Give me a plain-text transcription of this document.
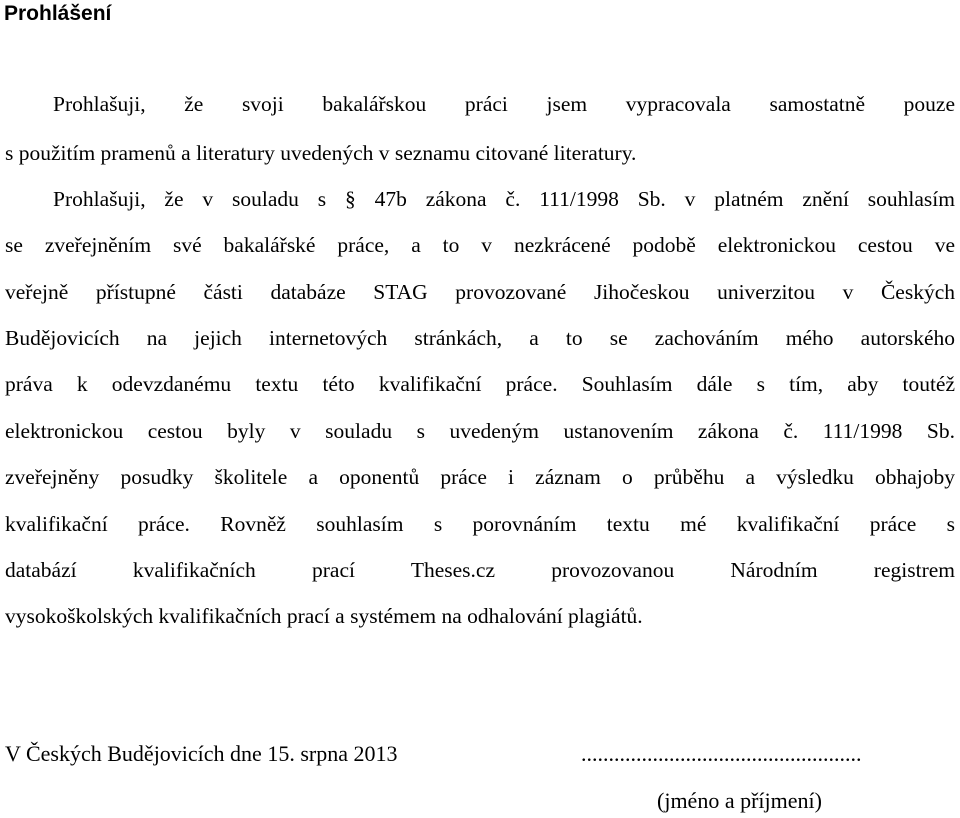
Prohlášení
Prohlašuji, že svoji bakalářskou práci jsem vypracovala samostatně pouze
s použitím pramenů a literatury uvedených v seznamu citované literatury.
Prohlašuji, že v souladu s § 47b zákona č. 111/1998 Sb. v platném znění souhlasím
se zveřejněním své bakalářské práce, a to v nezkrácené podobě elektronickou cestou ve
veřejně přístupné části databáze STAG provozované Jihočeskou univerzitou v Českých
Budějovicích na jejich internetových stránkách, a to se zachováním mého autorského
práva k odevzdanému textu této kvalifikační práce. Souhlasím dále s tím, aby toutéž
elektronickou cestou byly v souladu s uvedeným ustanovením zákona č. 111/1998 Sb.
zveřejněny posudky školitele a oponentů práce i záznam o průběhu a výsledku obhajoby
kvalifikační práce. Rovněž souhlasím s porovnáním textu mé kvalifikační práce s
databází kvalifikačních prací Theses.cz provozovanou Národním registrem
vysokoškolských kvalifikačních prací a systémem na odhalování plagiátů.
V Českých Budějovicích dne 15. srpna 2013	...................................................
(jméno a příjmení)
